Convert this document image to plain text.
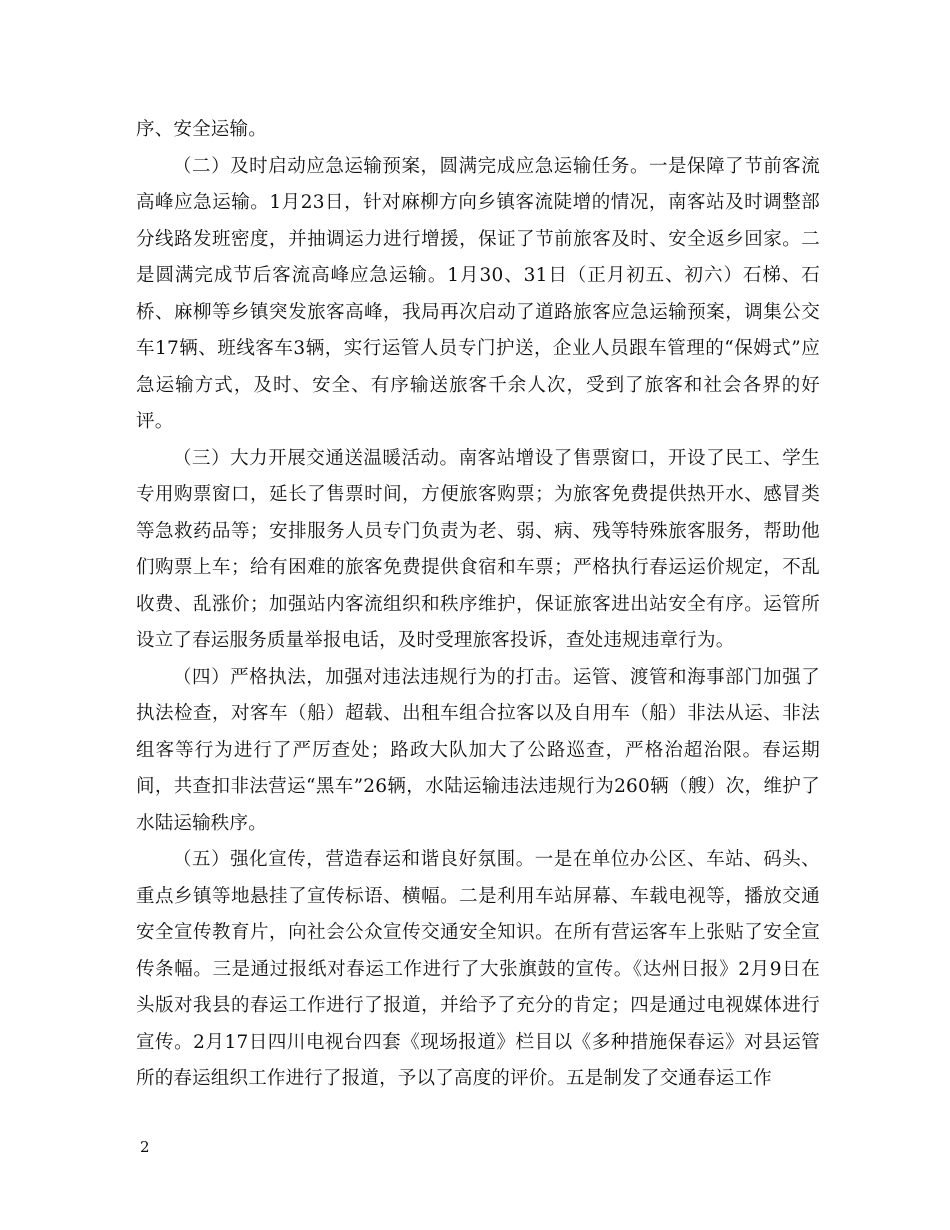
序、安全运输。

（二）及时启动应急运输预案，圆满完成应急运输任务。一是保障了节前客流高峰应急运输。1月23日，针对麻柳方向乡镇客流陡增的情况，南客站及时调整部分线路发班密度，并抽调运力进行增援，保证了节前旅客及时、安全返乡回家。二是圆满完成节后客流高峰应急运输。1月30、31日（正月初五、初六）石梯、石桥、麻柳等乡镇突发旅客高峰，我局再次启动了道路旅客应急运输预案，调集公交车17辆、班线客车3辆，实行运管人员专门护送，企业人员跟车管理的“保姆式”应急运输方式，及时、安全、有序输送旅客千余人次，受到了旅客和社会各界的好评。

（三）大力开展交通送温暖活动。南客站增设了售票窗口，开设了民工、学生专用购票窗口，延长了售票时间，方便旅客购票；为旅客免费提供热开水、感冒类等急救药品等；安排服务人员专门负责为老、弱、病、残等特殊旅客服务，帮助他们购票上车；给有困难的旅客免费提供食宿和车票；严格执行春运运价规定，不乱收费、乱涨价；加强站内客流组织和秩序维护，保证旅客进出站安全有序。运管所设立了春运服务质量举报电话，及时受理旅客投诉，查处违规违章行为。

（四）严格执法，加强对违法违规行为的打击。运管、渡管和海事部门加强了执法检查，对客车（船）超载、出租车组合拉客以及自用车（船）非法从运、非法组客等行为进行了严厉查处；路政大队加大了公路巡查，严格治超治限。春运期间，共查扣非法营运“黑车”26辆，水陆运输违法违规行为260辆（艘）次，维护了水陆运输秩序。

（五）强化宣传，营造春运和谐良好氛围。一是在单位办公区、车站、码头、重点乡镇等地悬挂了宣传标语、横幅。二是利用车站屏幕、车载电视等，播放交通安全宣传教育片，向社会公众宣传交通安全知识。在所有营运客车上张贴了安全宣传条幅。三是通过报纸对春运工作进行了大张旗鼓的宣传。《达州日报》2月9日在头版对我县的春运工作进行了报道，并给予了充分的肯定；四是通过电视媒体进行宣传。2月17日四川电视台四套《现场报道》栏目以《多种措施保春运》对县运管所的春运组织工作进行了报道，予以了高度的评价。五是制发了交通春运工作

2
